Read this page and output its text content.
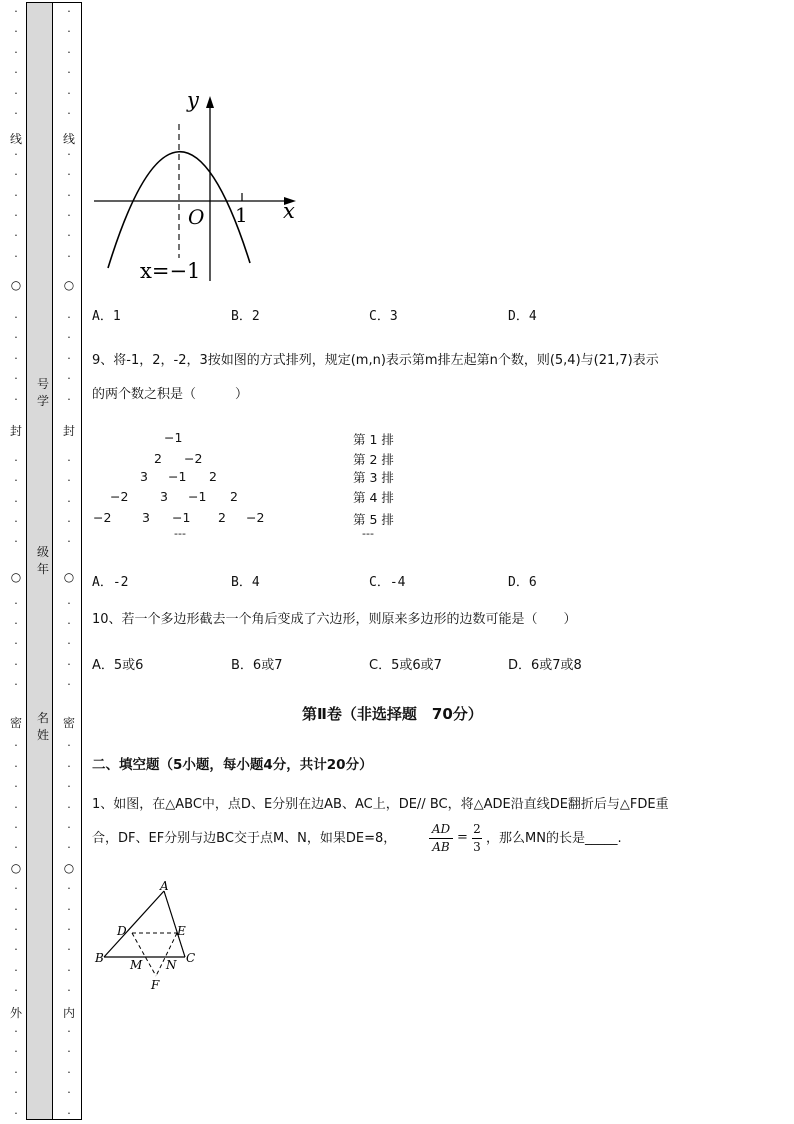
·
·
·
·
·
·
·
·
·
·
·
·
·
·
·
·
·
·
·
·
·
·
·
·
·
·
·
·
·
·
·
·
·
·
·
·
·
·
·
·
·
·
·
·
·
·
·
·
·
·
·
·
·
·
·
·
·
·
·
·
·
·
·
·
·
·
·
·
·
·
·
·
·
·
·
·
·
·
·
·
·
·
·
·
·
·
·
·
线
○
封
○
密
○
外
线
○
封
○
密
○
内
号
学
级
年
名
姓
y
x
O 1
x=−1
A．1	B．2	C．3	D．4
9、将-1，2，-2，3按如图的方式排列，规定(m,n)表示第m排左起第n个数，则(5,4)与(21,7)表示
的两个数之积是（　　　）
−1
2 −2
3 −1 2
−2	3 −1 2
−2 3 −1 2 −2
---
第 1 排
第 2 排
第 3 排
第 4 排
第 5 排
---
A．-2	B．4	C．-4	D．6
10、若一个多边形截去一个角后变成了六边形，则原来多边形的边数可能是（　　）
A．5或6	B．6或7	C．5或6或7	D．6或7或8
第Ⅱ卷（非选择题　70分）
二、填空题（5小题，每小题4分，共计20分）
1、如图，在△ABC中，点D、E分别在边AB、AC上，DE// BC，将△ADE沿直线DE翻折后与△FDE重
合，DF、EF分别与边BC交于点M、N，如果DE=8，
AD
AB
=
2
3
，那么MN的长是_____.
A
B	C
D	E
F
M N
